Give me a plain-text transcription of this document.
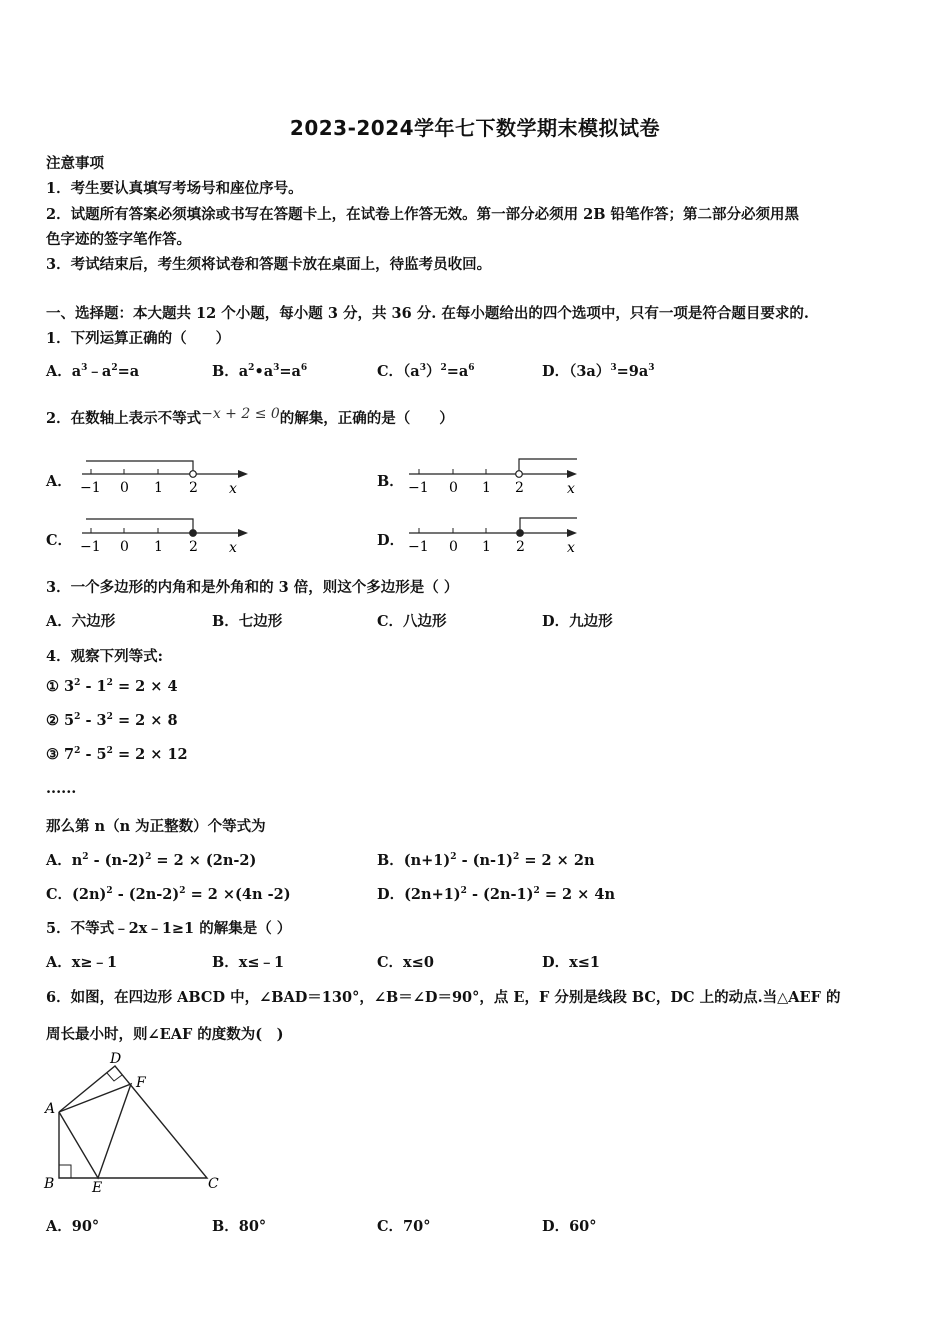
2023-2024学年七下数学期末模拟试卷
注意事项
1．考生要认真填写考场号和座位序号。
2．试题所有答案必须填涂或书写在答题卡上，在试卷上作答无效。第一部分必须用 2B 铅笔作答；第二部分必须用黑
色字迹的签字笔作答。
3．考试结束后，考生须将试卷和答题卡放在桌面上，待监考员收回。
一、选择题：本大题共 12 个小题，每小题 3 分，共 36 分. 在每小题给出的四个选项中，只有一项是符合题目要求的.
1．下列运算正确的（　　）
A．$a^3﹣a^2=a$	B．$a^2•a^3=a^6$	C．$(a^3)^2=a^6$	D．$(3a)^3=9a^3$
2．在数轴上表示不等式−x + 2 ≤ 0的解集，正确的是（　　）
A． −1 0 1 2 x	B． −1 0 1 2	x
C． −1 0 1 2 x	D． −1 0 1 2	x
3．一个多边形的内角和是外角和的 3 倍，则这个多边形是（ ）
A．六边形	B．七边形	C．八边形	D．九边形
4．观察下列等式:
① $3^2 - 1^2 = 2 \times 4$
② $5^2 - 3^2 = 2 \times 8$
③ $7^2 - 5^2 = 2 \times 12$
......
那么第 n（n 为正整数）个等式为
A．$n^2 - (n-2)^2 = 2 \times (2n-2)$	B．$(n+1)^2 - (n-1)^2 = 2 \times 2n$
C．$(2n)^2 - (2n-2)^2 = 2 \times(4n$ -2)	D．$(2n+1)^2 - (2n-1)^2 = 2 \times 4n$
5．不等式﹣2x﹣1≥1 的解集是（ ）
A．x≥﹣1	B．x≤﹣1	C．x≤0	D．x≤1
6．如图，在四边形 ABCD 中，∠BAD＝130°，∠B＝∠D＝90°，点 E，F 分别是线段 BC，DC 上的动点.当△AEF 的
周长最小时，则∠EAF 的度数为(　)
D
F
A
B	E	C
A．90°	B．80°	C．70°	D．60°
